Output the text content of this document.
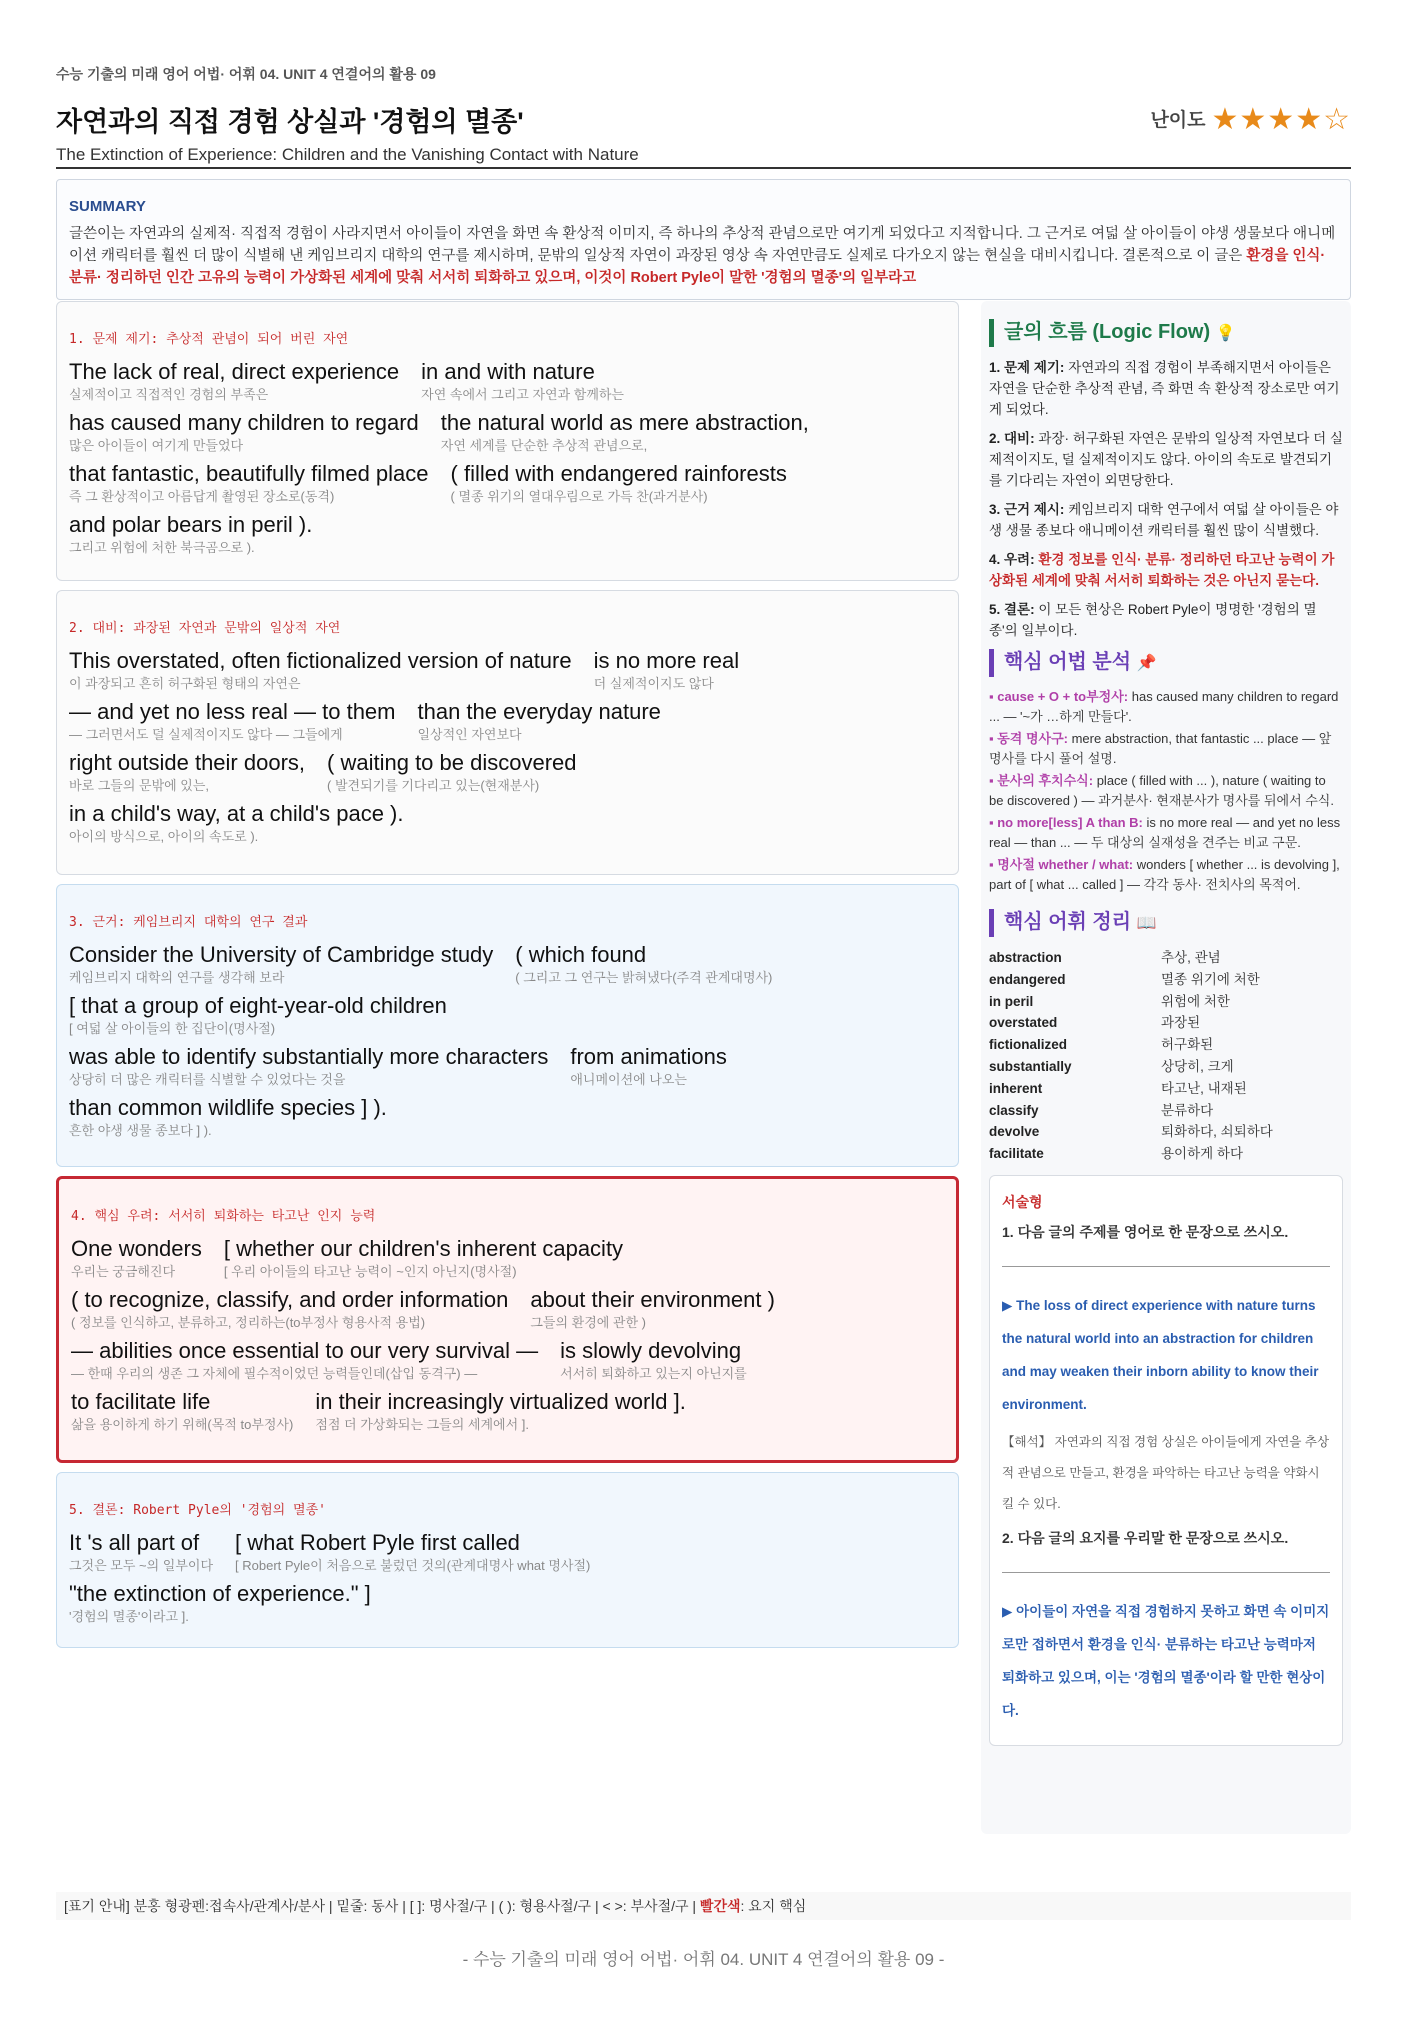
수능 기출의 미래 영어 어법· 어휘 04. UNIT 4 연결어의 활용 09
자연과의 직접 경험 상실과 '경험의 멸종'	난이도 ★★★★☆
The Extinction of Experience: Children and the Vanishing Contact with Nature
SUMMARY
글쓴이는 자연과의 실제적· 직접적 경험이 사라지면서 아이들이 자연을 화면 속 환상적 이미지, 즉 하나의 추상적 관념으로만 여기게 되었다고 지적합니다. 그 근거로 여덟 살 아이들이 야생 생물보다 애니메이션 캐릭터를 훨씬 더 많이 식별해 낸 케임브리지 대학의 연구를 제시하며, 문밖의 일상적 자연이 과장된 영상 속 자연만큼도 실제로 다가오지 않는 현실을 대비시킵니다. 결론적으로 이 글은 환경을 인식· 분류· 정리하던 인간 고유의 능력이 가상화된 세계에 맞춰 서서히 퇴화하고 있으며, 이것이 Robert Pyle이 말한 '경험의 멸종'의 일부라고
1. 문제 제기: 추상적 관념이 되어 버린 자연
The lack of real, direct experience
실제적이고 직접적인 경험의 부족은
in and with nature
자연 속에서 그리고 자연과 함께하는
has caused many children to regard
많은 아이들이 여기게 만들었다
the natural world as mere abstraction,
자연 세계를 단순한 추상적 관념으로,
that fantastic, beautifully filmed place
즉 그 환상적이고 아름답게 촬영된 장소로(동격)
( filled with endangered rainforests
( 멸종 위기의 열대우림으로 가득 찬(과거분사)
and polar bears in peril ).
그리고 위험에 처한 북극곰으로 ).
2. 대비: 과장된 자연과 문밖의 일상적 자연
This overstated, often fictionalized version of nature
이 과장되고 흔히 허구화된 형태의 자연은
is no more real
더 실제적이지도 않다
— and yet no less real — to them
— 그러면서도 덜 실제적이지도 않다 — 그들에게
than the everyday nature
일상적인 자연보다
right outside their doors,
바로 그들의 문밖에 있는,
( waiting to be discovered
( 발견되기를 기다리고 있는(현재분사)
in a child's way, at a child's pace ).
아이의 방식으로, 아이의 속도로 ).
3. 근거: 케임브리지 대학의 연구 결과
Consider the University of Cambridge study
케임브리지 대학의 연구를 생각해 보라
( which found
( 그리고 그 연구는 밝혀냈다(주격 관계대명사)
[ that a group of eight-year-old children
[ 여덟 살 아이들의 한 집단이(명사절)
was able to identify substantially more characters
상당히 더 많은 캐릭터를 식별할 수 있었다는 것을
from animations
애니메이션에 나오는
than common wildlife species ] ).
흔한 야생 생물 종보다 ] ).
4. 핵심 우려: 서서히 퇴화하는 타고난 인지 능력
One wonders
우리는 궁금해진다
[ whether our children's inherent capacity
[ 우리 아이들의 타고난 능력이 ~인지 아닌지(명사절)
( to recognize, classify, and order information
( 정보를 인식하고, 분류하고, 정리하는(to부정사 형용사적 용법)
about their environment )
그들의 환경에 관한 )
— abilities once essential to our very survival —
— 한때 우리의 생존 그 자체에 필수적이었던 능력들인데(삽입 동격구) —
is slowly devolving
서서히 퇴화하고 있는지 아닌지를
to facilitate life
삶을 용이하게 하기 위해(목적 to부정사)
in their increasingly virtualized world ].
점점 더 가상화되는 그들의 세계에서 ].
5. 결론: Robert Pyle의 '경험의 멸종'
It 's all part of
그것은 모두 ~의 일부이다
[ what Robert Pyle first called
[ Robert Pyle이 처음으로 불렀던 것의(관계대명사 what 명사절)
"the extinction of experience." ]
'경험의 멸종'이라고 ].
글의 흐름 (Logic Flow) 💡
1. 문제 제기: 자연과의 직접 경험이 부족해지면서 아이들은 자연을 단순한 추상적 관념, 즉 화면 속 환상적 장소로만 여기게 되었다.
2. 대비: 과장· 허구화된 자연은 문밖의 일상적 자연보다 더 실제적이지도, 덜 실제적이지도 않다. 아이의 속도로 발견되기를 기다리는 자연이 외면당한다.
3. 근거 제시: 케임브리지 대학 연구에서 여덟 살 아이들은 야생 생물 종보다 애니메이션 캐릭터를 훨씬 많이 식별했다.
4. 우려: 환경 정보를 인식· 분류· 정리하던 타고난 능력이 가상화된 세계에 맞춰 서서히 퇴화하는 것은 아닌지 묻는다.
5. 결론: 이 모든 현상은 Robert Pyle이 명명한 '경험의 멸종'의 일부이다.
핵심 어법 분석 📌
▪ cause + O + to부정사: has caused many children to regard ... — '~가 …하게 만들다'.
▪ 동격 명사구: mere abstraction, that fantastic ... place — 앞 명사를 다시 풀어 설명.
▪ 분사의 후치수식: place ( filled with ... ), nature ( waiting to be discovered ) — 과거분사· 현재분사가 명사를 뒤에서 수식.
▪ no more[less] A than B: is no more real — and yet no less real — than ... — 두 대상의 실재성을 견주는 비교 구문.
▪ 명사절 whether / what: wonders [ whether ... is devolving ], part of [ what ... called ] — 각각 동사· 전치사의 목적어.
핵심 어휘 정리 📖
abstraction	추상, 관념
endangered	멸종 위기에 처한
in peril	위험에 처한
overstated	과장된
fictionalized	허구화된
substantially	상당히, 크게
inherent	타고난, 내재된
classify	분류하다
devolve	퇴화하다, 쇠퇴하다
facilitate	용이하게 하다
서술형
1. 다음 글의 주제를 영어로 한 문장으로 쓰시오.
▶ The loss of direct experience with nature turns the natural world into an abstraction for children and may weaken their inborn ability to know their environment.
【해석】 자연과의 직접 경험 상실은 아이들에게 자연을 추상적 관념으로 만들고, 환경을 파악하는 타고난 능력을 약화시킬 수 있다.
2. 다음 글의 요지를 우리말 한 문장으로 쓰시오.
▶ 아이들이 자연을 직접 경험하지 못하고 화면 속 이미지로만 접하면서 환경을 인식· 분류하는 타고난 능력마저 퇴화하고 있으며, 이는 '경험의 멸종'이라 할 만한 현상이다.
[표기 안내] 분홍 형광펜:접속사/관계사/분사 | 밑줄: 동사 | [ ]: 명사절/구 | ( ): 형용사절/구 | < >: 부사절/구 | 빨간색: 요지 핵심
- 수능 기출의 미래 영어 어법· 어휘 04. UNIT 4 연결어의 활용 09 -
